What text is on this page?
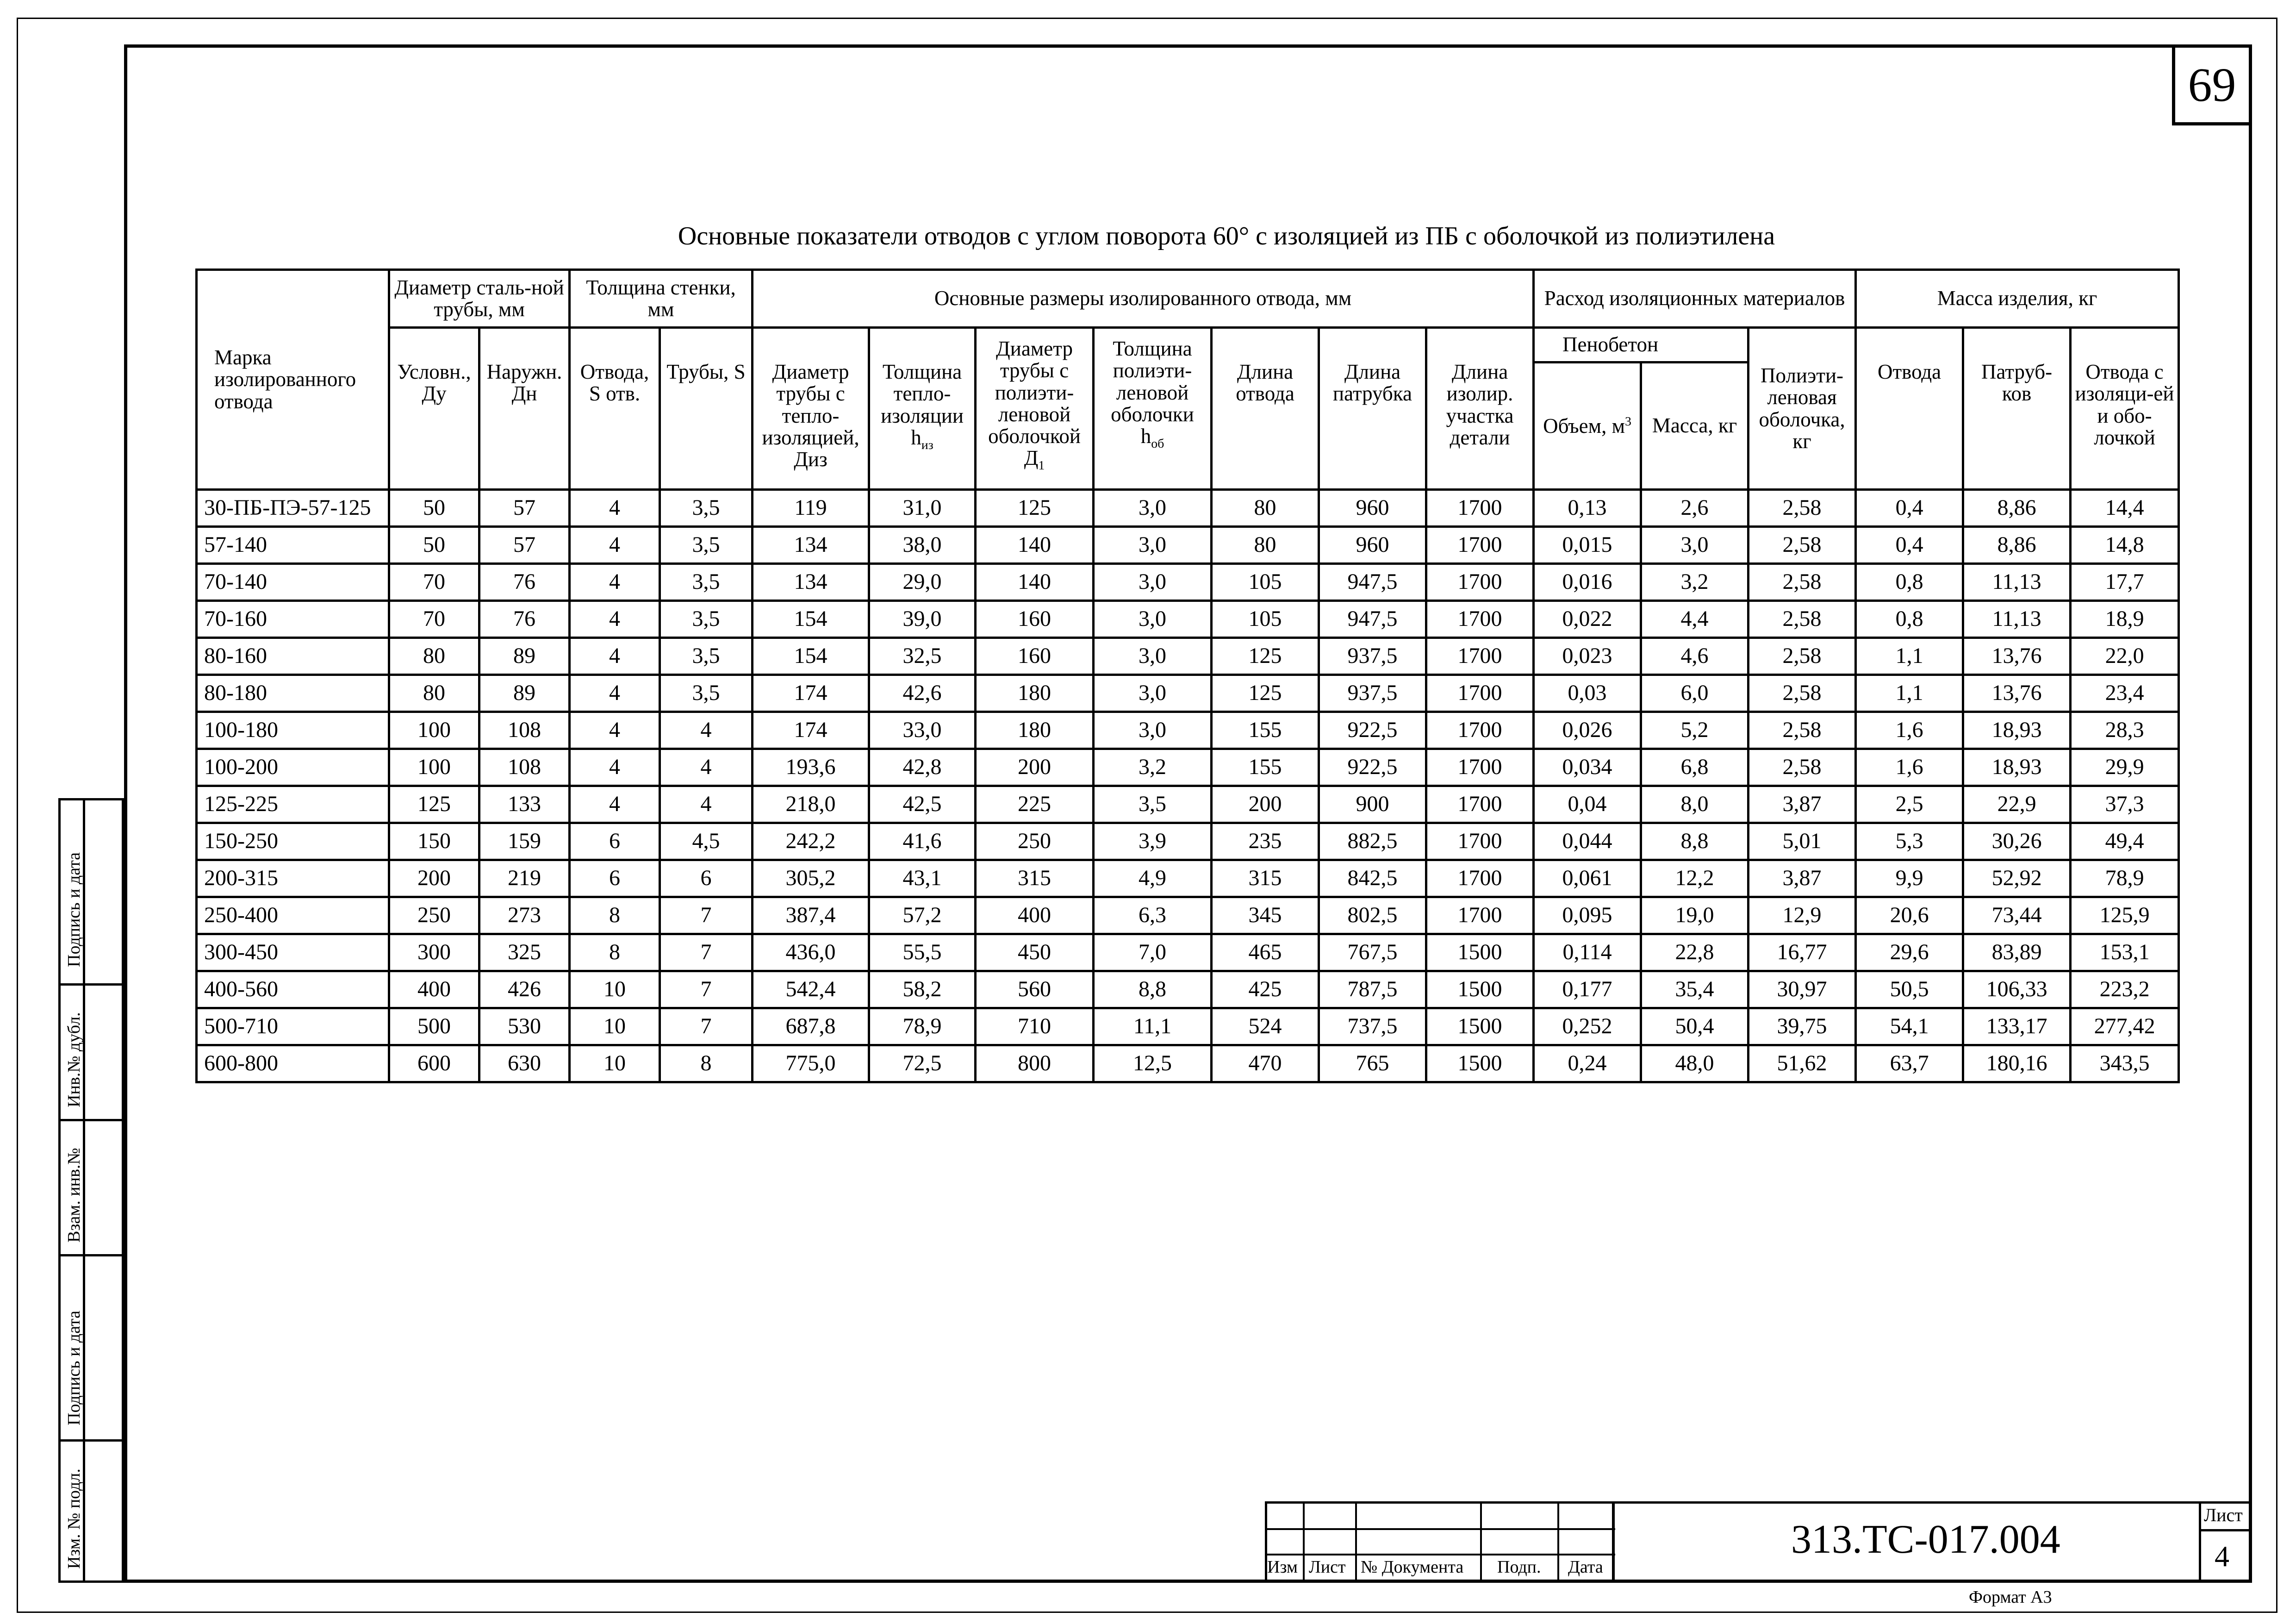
69
Основные показатели отводов с углом поворота 60° с изоляцией из ПБ с оболочкой из полиэтилена
Марка изолированного отвода	Диаметр сталь-ной трубы, мм		Толщина стенки, мм		Основные размеры изолированного отвода, мм							Расход изоляционных материалов			Масса изделия, кг		
	Условн., Ду	Наружн. Дн	Отвода, S отв.	Трубы, S	Диаметр трубы с тепло-изоляцией, Диз	Толщина тепло-изоляции $h_{из}$	Диаметр трубы с полиэти-леновой оболочкой $Д_1$	Толщина полиэти-леновой оболочки $h_{об}$	Длина отвода	Длина патрубка	Длина изолир. участка детали	Пенобетон		Полиэти-леновая оболочка, кг	Отвода	Патруб-ков	Отвода с изоляци-ей и обо-лочкой
												Объем, $м^3$	Масса, кг				
30-ПБ-ПЭ-57-125	50	57	4	3,5	119	31,0	125	3,0	80	960	1700	0,13	2,6	2,58	0,4	8,86	14,4
57-140	50	57	4	3,5	134	38,0	140	3,0	80	960	1700	0,015	3,0	2,58	0,4	8,86	14,8
70-140	70	76	4	3,5	134	29,0	140	3,0	105	947,5	1700	0,016	3,2	2,58	0,8	11,13	17,7
70-160	70	76	4	3,5	154	39,0	160	3,0	105	947,5	1700	0,022	4,4	2,58	0,8	11,13	18,9
80-160	80	89	4	3,5	154	32,5	160	3,0	125	937,5	1700	0,023	4,6	2,58	1,1	13,76	22,0
80-180	80	89	4	3,5	174	42,6	180	3,0	125	937,5	1700	0,03	6,0	2,58	1,1	13,76	23,4
100-180	100	108	4	4	174	33,0	180	3,0	155	922,5	1700	0,026	5,2	2,58	1,6	18,93	28,3
100-200	100	108	4	4	193,6	42,8	200	3,2	155	922,5	1700	0,034	6,8	2,58	1,6	18,93	29,9
125-225	125	133	4	4	218,0	42,5	225	3,5	200	900	1700	0,04	8,0	3,87	2,5	22,9	37,3
150-250	150	159	6	4,5	242,2	41,6	250	3,9	235	882,5	1700	0,044	8,8	5,01	5,3	30,26	49,4
200-315	200	219	6	6	305,2	43,1	315	4,9	315	842,5	1700	0,061	12,2	3,87	9,9	52,92	78,9
250-400	250	273	8	7	387,4	57,2	400	6,3	345	802,5	1700	0,095	19,0	12,9	20,6	73,44	125,9
300-450	300	325	8	7	436,0	55,5	450	7,0	465	767,5	1500	0,114	22,8	16,77	29,6	83,89	153,1
400-560	400	426	10	7	542,4	58,2	560	8,8	425	787,5	1500	0,177	35,4	30,97	50,5	106,33	223,2
500-710	500	530	10	7	687,8	78,9	710	11,1	524	737,5	1500	0,252	50,4	39,75	54,1	133,17	277,42
600-800	600	630	10	8	775,0	72,5	800	12,5	470	765	1500	0,24	48,0	51,62	63,7	180,16	343,5
Подпись и дата
Инв.№ дубл.
Взам. инв.№
Подпись и дата
Изм. № подл.	Изм Лист № Документа Подп. Дата
313.ТС-017.004
Лист
4
Формат А3
